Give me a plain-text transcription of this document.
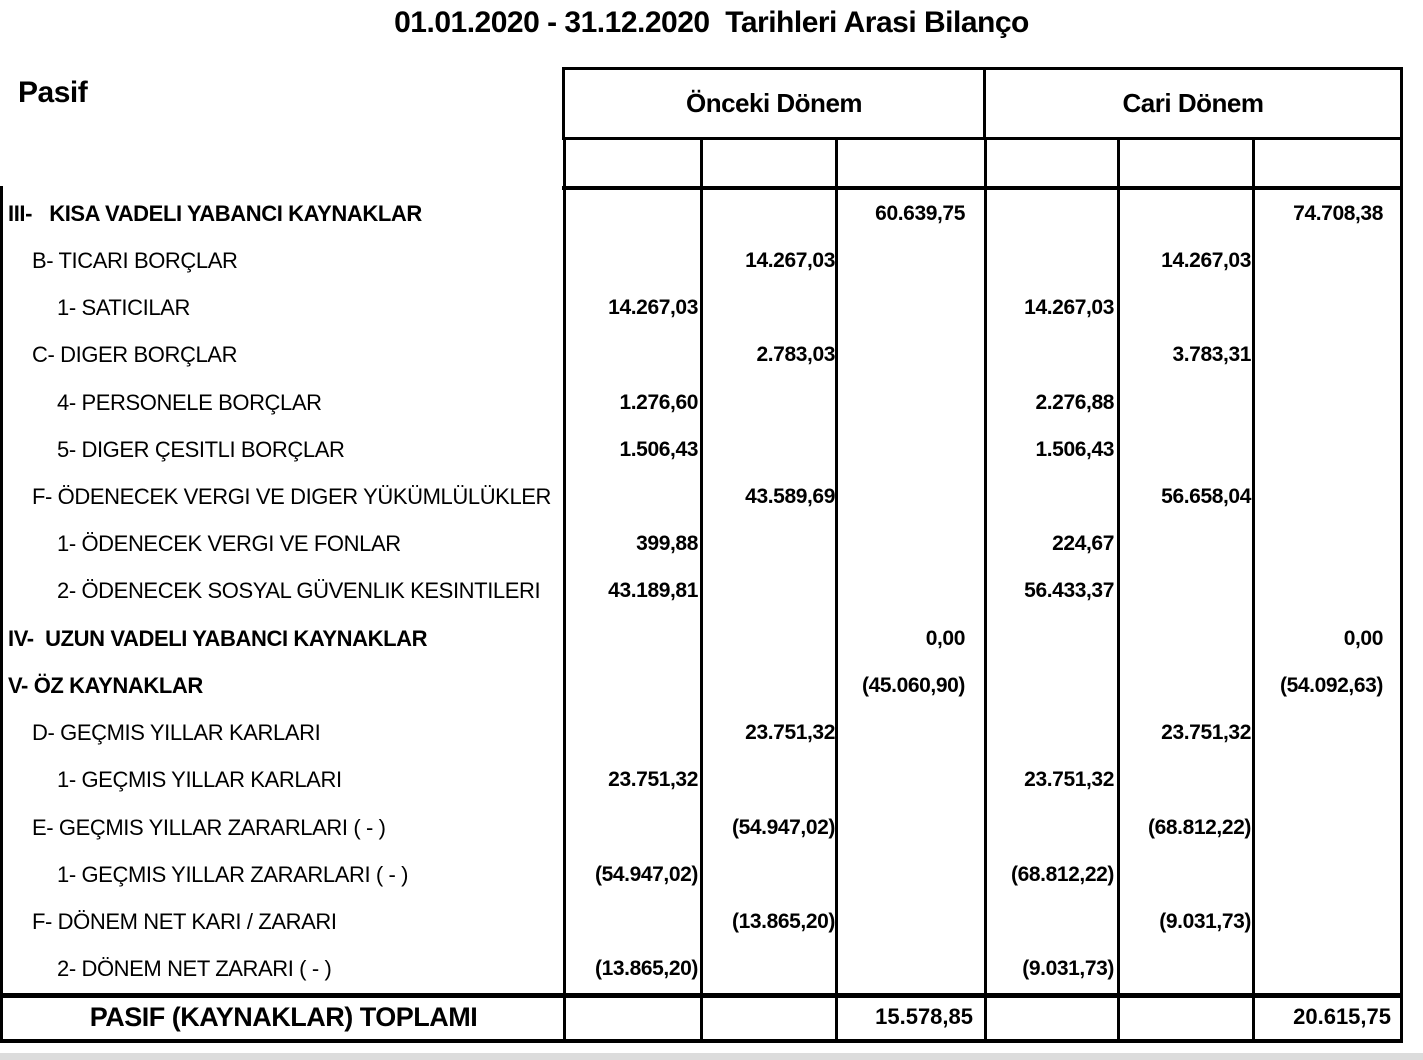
01.01.2020 - 31.12.2020  Tarihleri Arasi Bilanço
Pasif	Önceki Dönem	Cari Dönem
III-   KISA VADELI YABANCI KAYNAKLAR	60.639,75	74.708,38
B- TICARI BORÇLAR	14.267,03	14.267,03
1- SATICILAR	14.267,03	14.267,03
C- DIGER BORÇLAR	2.783,03	3.783,31
4- PERSONELE BORÇLAR	1.276,60	2.276,88
5- DIGER ÇESITLI BORÇLAR	1.506,43	1.506,43
F- ÖDENECEK VERGI VE DIGER YÜKÜMLÜLÜKLER	43.589,69	56.658,04
1- ÖDENECEK VERGI VE FONLAR	399,88	224,67
2- ÖDENECEK SOSYAL GÜVENLIK KESINTILERI	43.189,81	56.433,37
IV-  UZUN VADELI YABANCI KAYNAKLAR	0,00	0,00
V- ÖZ KAYNAKLAR	(45.060,90)	(54.092,63)
D- GEÇMIS YILLAR KARLARI	23.751,32	23.751,32
1- GEÇMIS YILLAR KARLARI	23.751,32	23.751,32
E- GEÇMIS YILLAR ZARARLARI ( - )	(54.947,02)	(68.812,22)
1- GEÇMIS YILLAR ZARARLARI ( - )	(54.947,02)	(68.812,22)
F- DÖNEM NET KARI / ZARARI	(13.865,20)	(9.031,73)
2- DÖNEM NET ZARARI ( - )	(13.865,20)	(9.031,73)
PASIF (KAYNAKLAR) TOPLAMI	15.578,85	20.615,75
